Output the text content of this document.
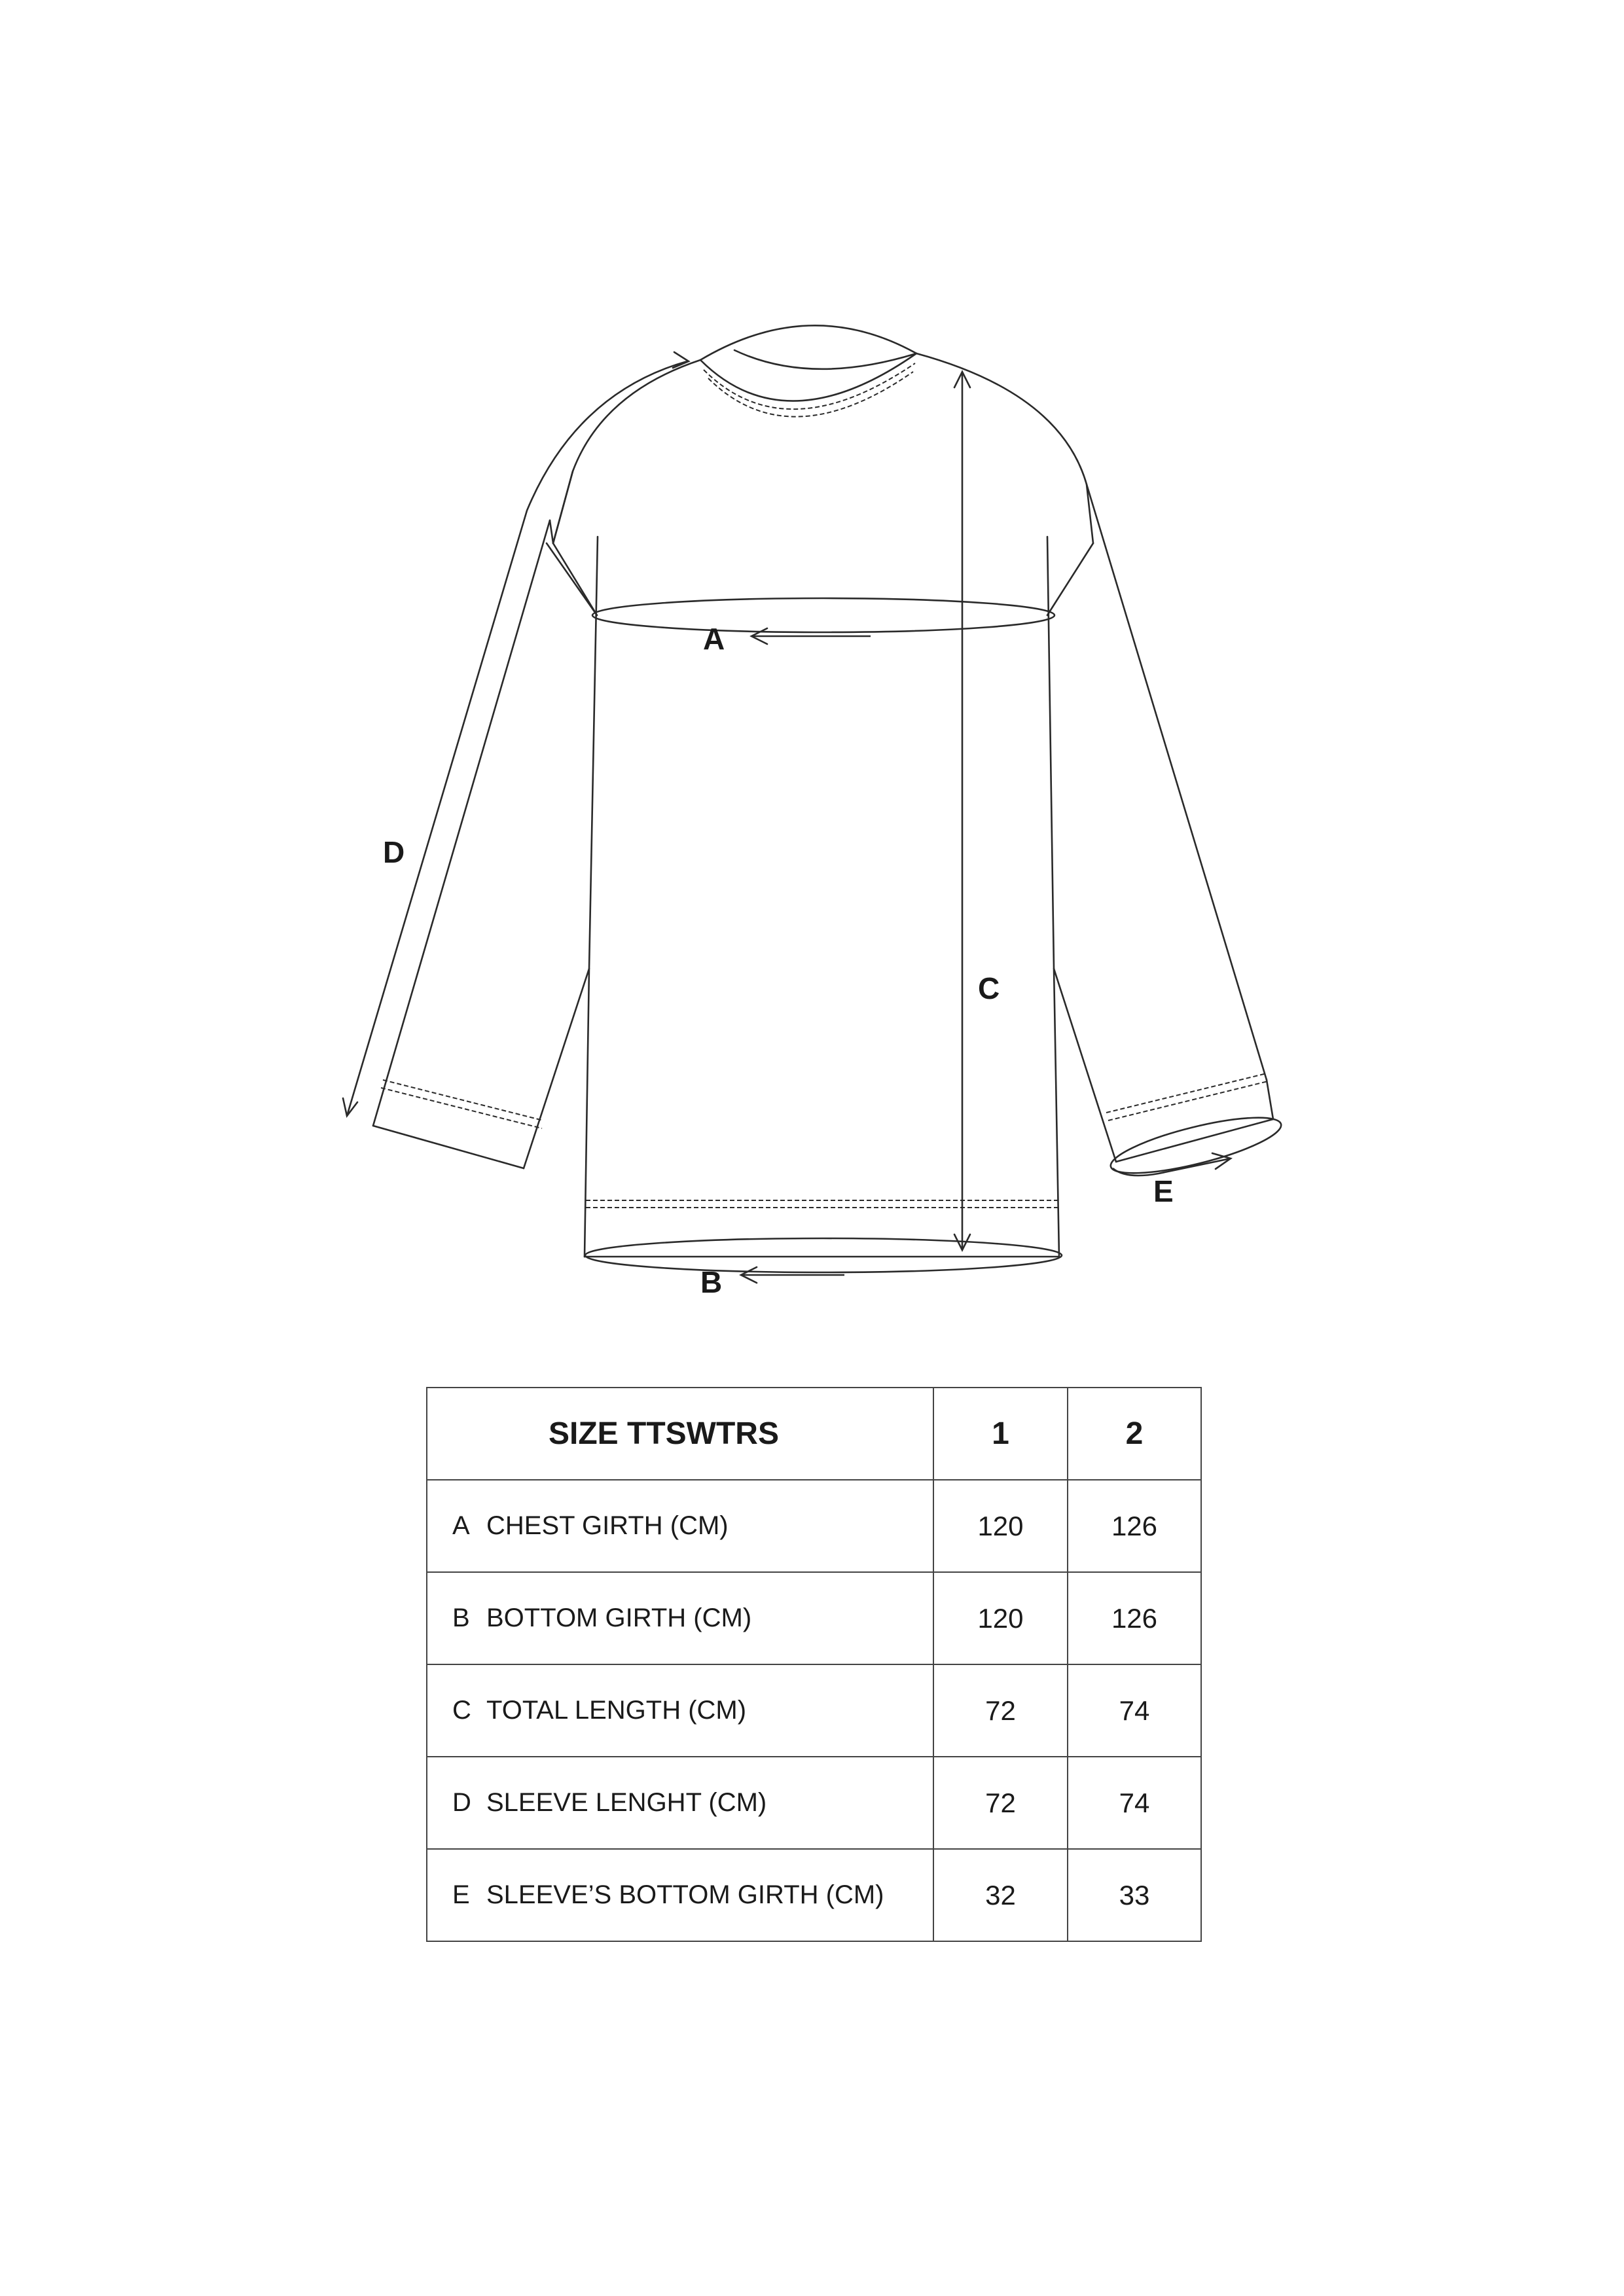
A
B
C
D
E
SIZE TTSWTRS	1	2
A CHEST GIRTH (CM)	120	126
B BOTTOM GIRTH (CM)	120	126
C TOTAL LENGTH (CM)	72	74
D SLEEVE LENGHT (CM)	72	74
E SLEEVE’S BOTTOM GIRTH (CM)	32	33
